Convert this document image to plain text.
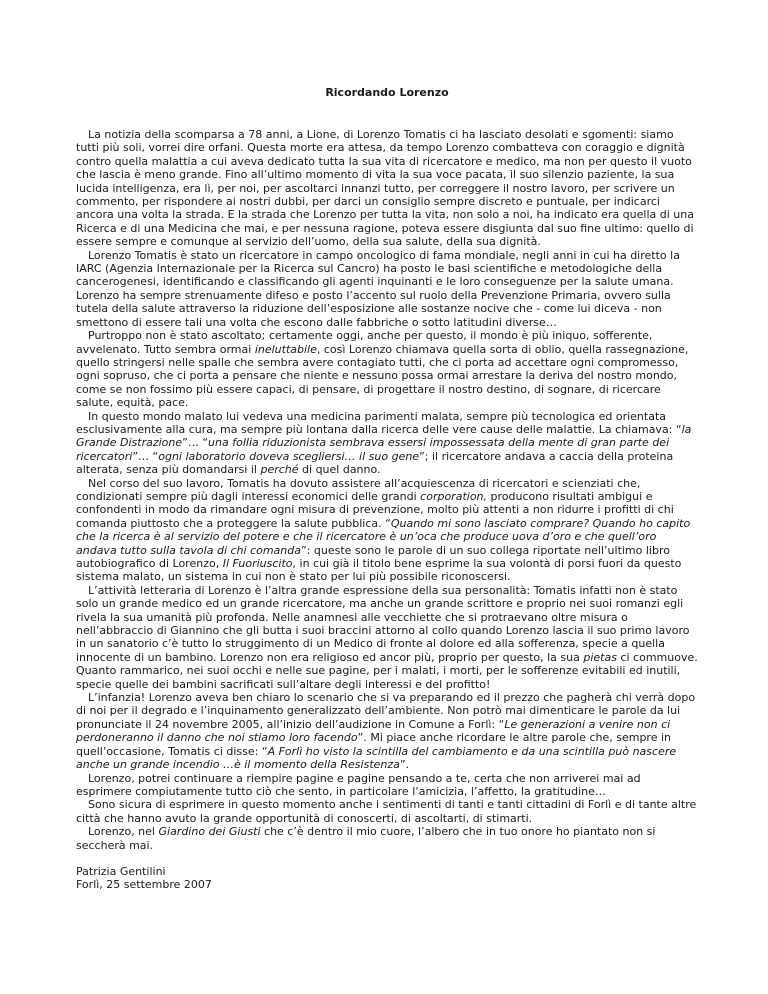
Ricordando Lorenzo

La notizia della scomparsa a 78 anni, a Lione, di Lorenzo Tomatis ci ha lasciato desolati e sgomenti: siamo tutti più soli, vorrei dire orfani. Questa morte era attesa, da tempo Lorenzo combatteva con coraggio e dignità contro quella malattia a cui aveva dedicato tutta la sua vita di ricercatore e medico, ma non per questo il vuoto che lascia è meno grande. Fino all’ultimo momento di vita la sua voce pacata, il suo silenzio paziente, la sua lucida intelligenza, era lì, per noi, per ascoltarci innanzi tutto, per correggere il nostro lavoro, per scrivere un commento, per rispondere ai nostri dubbi, per darci un consiglio sempre discreto e puntuale, per indicarci ancora una volta la strada. E la strada che Lorenzo per tutta la vita, non solo a noi, ha indicato era quella di una Ricerca e di una Medicina che mai, e per nessuna ragione, poteva essere disgiunta dal suo fine ultimo: quello di essere sempre e comunque al servizio dell’uomo, della sua salute, della sua dignità.

Lorenzo Tomatis è stato un ricercatore in campo oncologico di fama mondiale, negli anni in cui ha diretto la IARC (Agenzia Internazionale per la Ricerca sul Cancro) ha posto le basi scientifiche e metodologiche della cancerogenesi, identificando e classificando gli agenti inquinanti e le loro conseguenze per la salute umana. Lorenzo ha sempre strenuamente difeso e posto l’accento sul ruolo della Prevenzione Primaria, ovvero sulla tutela della salute attraverso la riduzione dell’esposizione alle sostanze nocive che - come lui diceva - non smettono di essere tali una volta che escono dalle fabbriche o sotto latitudini diverse…

Purtroppo non è stato ascoltato; certamente oggi, anche per questo, il mondo è più iniquo, sofferente, avvelenato. Tutto sembra ormai ineluttabile, così Lorenzo chiamava quella sorta di oblio, quella rassegnazione, quello stringersi nelle spalle che sembra avere contagiato tutti, che ci porta ad accettare ogni compromesso, ogni sopruso, che ci porta a pensare che niente e nessuno possa ormai arrestare la deriva del nostro mondo, come se non fossimo più essere capaci, di pensare, di progettare il nostro destino, di sognare, di ricercare salute, equità, pace.

In questo mondo malato lui vedeva una medicina parimenti malata, sempre più tecnologica ed orientata esclusivamente alla cura, ma sempre più lontana dalla ricerca delle vere cause delle malattie. La chiamava: “la Grande Distrazione”… “una follia riduzionista sembrava essersi impossessata della mente di gran parte dei ricercatori”… “ogni laboratorio doveva scegliersi… il suo gene”; il ricercatore andava a caccia della proteina alterata, senza più domandarsi il perché di quel danno.

Nel corso del suo lavoro, Tomatis ha dovuto assistere all’acquiescenza di ricercatori e scienziati che, condizionati sempre più dagli interessi economici delle grandi corporation, producono risultati ambigui e confondenti in modo da rimandare ogni misura di prevenzione, molto più attenti a non ridurre i profitti di chi comanda piuttosto che a proteggere la salute pubblica. “Quando mi sono lasciato comprare? Quando ho capito che la ricerca è al servizio del potere e che il ricercatore è un’oca che produce uova d’oro e che quell’oro andava tutto sulla tavola di chi comanda”: queste sono le parole di un suo collega riportate nell’ultimo libro autobiografico di Lorenzo, Il Fuoriuscito, in cui già il titolo bene esprime la sua volontà di porsi fuori da questo sistema malato, un sistema in cui non è stato per lui più possibile riconoscersi.

L’attività letteraria di Lorenzo è l’altra grande espressione della sua personalità: Tomatis infatti non è stato solo un grande medico ed un grande ricercatore, ma anche un grande scrittore e proprio nei suoi romanzi egli rivela la sua umanità più profonda. Nelle anamnesi alle vecchiette che si protraevano oltre misura o nell’abbraccio di Giannino che gli butta i suoi braccini attorno al collo quando Lorenzo lascia il suo primo lavoro in un sanatorio c’è tutto lo struggimento di un Medico di fronte al dolore ed alla sofferenza, specie a quella innocente di un bambino. Lorenzo non era religioso ed ancor più, proprio per questo, la sua pietas ci commuove. Quanto rammarico, nei suoi occhi e nelle sue pagine, per i malati, i morti, per le sofferenze evitabili ed inutili, specie quelle dei bambini sacrificati sull’altare degli interessi e del profitto!

L’infanzia! Lorenzo aveva ben chiaro lo scenario che si va preparando ed il prezzo che pagherà chi verrà dopo di noi per il degrado e l’inquinamento generalizzato dell’ambiente. Non potrò mai dimenticare le parole da lui pronunciate il 24 novembre 2005, all’inizio dell’audizione in Comune a Forlì: “Le generazioni a venire non ci perdoneranno il danno che noi stiamo loro facendo”. Mi piace anche ricordare le altre parole che, sempre in quell’occasione, Tomatis ci disse: “A Forlì ho visto la scintilla del cambiamento e da una scintilla può nascere anche un grande incendio …è il momento della Resistenza”.

Lorenzo, potrei continuare a riempire pagine e pagine pensando a te, certa che non arriverei mai ad esprimere compiutamente tutto ciò che sento, in particolare l’amicizia, l’affetto, la gratitudine…

Sono sicura di esprimere in questo momento anche i sentimenti di tanti e tanti cittadini di Forlì e di tante altre città che hanno avuto la grande opportunità di conoscerti, di ascoltarti, di stimarti.

Lorenzo, nel Giardino dei Giusti che c’è dentro il mio cuore, l’albero che in tuo onore ho piantato non si seccherà mai.

Patrizia Gentilini
Forlì, 25 settembre 2007
